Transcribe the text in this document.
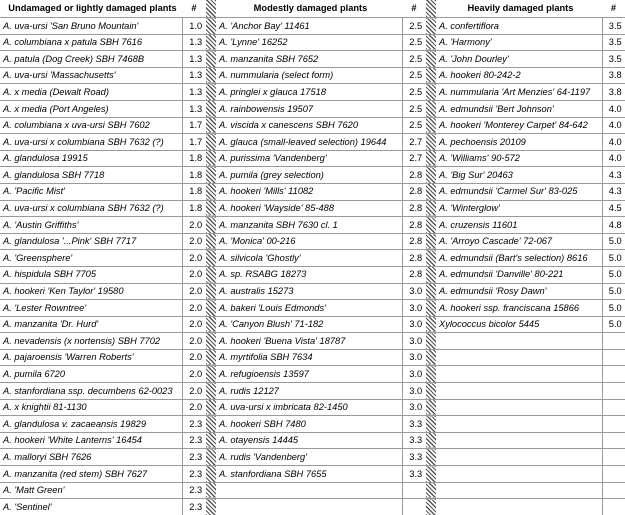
Undamaged or lightly damaged plants	#		Modestly damaged plants	#		Heavily damaged plants	#
A. uva-ursi 'San Bruno Mountain'	1.0		A. 'Anchor Bay' 11461	2.5		A. confertiflora	3.5
A. columbiana x patula SBH 7616	1.3		A. 'Lynne' 16252	2.5		A. 'Harmony'	3.5
A. patula (Dog Creek) SBH 7468B	1.3		A. manzanita SBH 7652	2.5		A. 'John Dourley'	3.5
A. uva-ursi 'Massachusetts'	1.3		A. nummularia (select form)	2.5		A. hookeri 80-242-2	3.8
A. x media (Dewalt Road)	1.3		A. pringlei x glauca 17518	2.5		A. nummularia 'Art Menzies' 64-1197	3.8
A. x media (Port Angeles)	1.3		A. rainbowensis 19507	2.5		A. edmundsii 'Bert Johnson'	4.0
A. columbiana x uva-ursi SBH 7602	1.7		A. viscida x canescens SBH 7620	2.5		A. hookeri 'Monterey Carpet' 84-642	4.0
A. uva-ursi x columbiana SBH 7632 (?)	1.7		A. glauca (small-leaved selection) 19644	2.7		A. pechoensis 20109	4.0
A. glandulosa 19915	1.8		A. purissima 'Vandenberg'	2.7		A. 'Williams' 90-572	4.0
A. glandulosa SBH 7718	1.8		A. pumila (grey selection)	2.8		A. 'Big Sur' 20463	4.3
A. 'Pacific Mist'	1.8		A. hookeri 'Mills' 11082	2.8		A. edmundsii 'Carmel Sur' 83-025	4.3
A. uva-ursi x columbiana SBH 7632 (?)	1.8		A. hookeri 'Wayside' 85-488	2.8		A. 'Winterglow'	4.5
A. 'Austin Griffiths'	2.0		A. manzanita SBH 7630 cl. 1	2.8		A. cruzensis 11601	4.8
A. glandulosa '...Pink' SBH 7717	2.0		A. 'Monica' 00-216	2.8		A. 'Arroyo Cascade' 72-067	5.0
A. 'Greensphere'	2.0		A. silvicola 'Ghostly'	2.8		A. edmundsii (Bart's selection) 8616	5.0
A. hispidula SBH 7705	2.0		A. sp. RSABG 18273	2.8		A. edmundsii 'Danville' 80-221	5.0
A. hookeri 'Ken Taylor' 19580	2.0		A. australis 15273	3.0		A. edmundsii 'Rosy Dawn'	5.0
A. 'Lester Rowntree'	2.0		A. bakeri 'Louis Edmonds'	3.0		A. hookeri ssp. franciscana 15866	5.0
A. manzanita 'Dr. Hurd'	2.0		A. 'Canyon Blush' 71-182	3.0		Xylococcus bicolor 5445	5.0
A. nevadensis (x nortensis) SBH 7702	2.0		A. hookeri 'Buena Vista' 18787	3.0			
A. pajaroensis 'Warren Roberts'	2.0		A. myrtifolia SBH 7634	3.0			
A. pumila 6720	2.0		A. refugioensis 13597	3.0			
A. stanfordiana ssp. decumbens 62-0023	2.0		A. rudis 12127	3.0			
A. x knightii 81-1130	2.0		A. uva-ursi x imbricata 82-1450	3.0			
A. glandulosa v. zacaeansis 19829	2.3		A. hookeri SBH 7480	3.3			
A. hookeri 'White Lanterns' 16454	2.3		A. otayensis 14445	3.3			
A. malloryi SBH 7626	2.3		A. rudis 'Vandenberg'	3.3			
A. manzanita (red stem) SBH 7627	2.3		A. stanfordiana SBH 7655	3.3			
A. 'Matt Green'	2.3						
A. 'Sentinel'	2.3						
